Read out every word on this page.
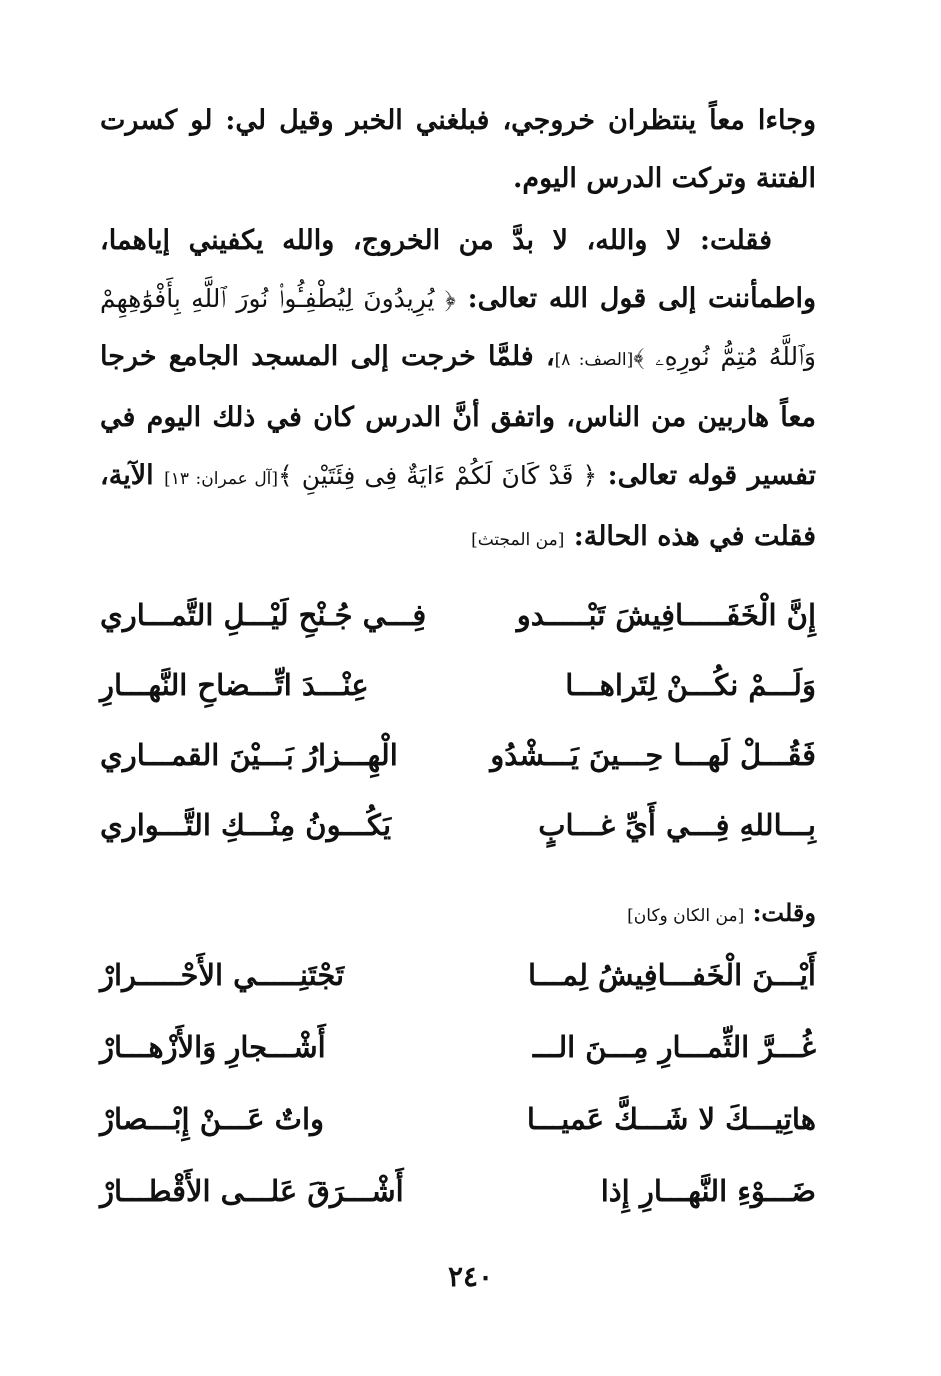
وجاءا معاً ينتظران خروجي، فبلغني الخبر وقيل لي: لو كسرت الفتنة وتركت الدرس اليوم.

فقلت: لا والله، لا بدَّ من الخروج، والله يكفيني إياهما، واطمأننت إلى قول الله تعالى: ﴿ يُرِيدُونَ لِيُطْفِـُٔوا۟ نُورَ ٱللَّهِ بِأَفْوَٰهِهِمْ وَٱللَّهُ مُتِمُّ نُورِهِۦ ﴾[الصف: ٨]، فلمَّا خرجت إلى المسجد الجامع خرجا معاً هاربين من الناس، واتفق أنَّ الدرس كان في ذلك اليوم في تفسير قوله تعالى: ﴿ قَدْ كَانَ لَكُمْ ءَايَةٌ فِى فِئَتَيْنِ ﴾[آل عمران: ١٣] الآية، فقلت في هذه الحالة: [من المجتث]

إِنَّ الْخَفَـــــافِيشَ تَبْـــــدو
فِـــي جُـنْحِ لَيْـــلِ التَّمـــاري
وَلَـــمْ نكُـــنْ لِتَراهـــا
عِنْـــدَ اتِّـــضاحِ النَّهـــارِ
فَقُـــلْ لَهـــا حِـــينَ يَـــشْدُو
الْهِـــزارُ بَـــيْنَ القمـــاري
بِـــاللهِ فِـــي أَيِّ غـــابٍ
يَكُـــونُ مِنْـــكِ التَّـــواري
وقلت: [من الكان وكان]
أَيْـــنَ الْخَفـــافِيشُ لِمـــا
تَجْتَنِـــــي الأَحْـــــرارْ
غُـــرَّ الثِّمـــارِ مِـــنَ الـــ
أَشْـــجارِ وَالأَزْهـــارْ
هاتِيـــكَ لا شَـــكَّ عَميـــا
واتٌ عَـــنْ إِبْـــصارْ
ضَـــوْءِ النَّهـــارِ إِذا
أَشْـــرَقَ عَلـــى الأَقْطـــارْ
٢٤٠
